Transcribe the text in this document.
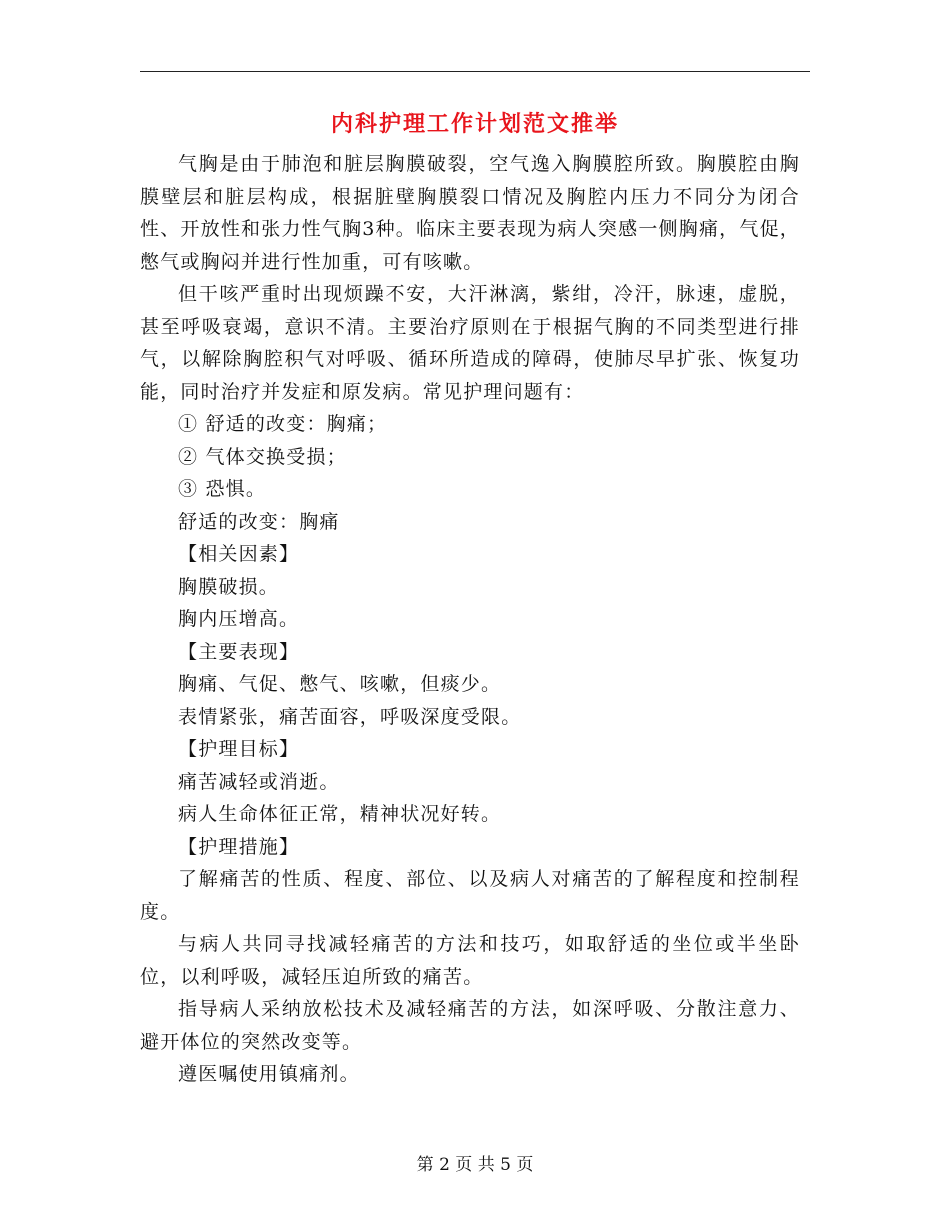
内科护理工作计划范文推举

气胸是由于肺泡和脏层胸膜破裂，空气逸入胸膜腔所致。胸膜腔由胸膜壁层和脏层构成，根据脏壁胸膜裂口情况及胸腔内压力不同分为闭合性、开放性和张力性气胸3种。临床主要表现为病人突感一侧胸痛，气促，憋气或胸闷并进行性加重，可有咳嗽。

但干咳严重时出现烦躁不安，大汗淋漓，紫绀，冷汗，脉速，虚脱，甚至呼吸衰竭，意识不清。主要治疗原则在于根据气胸的不同类型进行排气，以解除胸腔积气对呼吸、循环所造成的障碍，使肺尽早扩张、恢复功能，同时治疗并发症和原发病。常见护理问题有：

① 舒适的改变：胸痛；

② 气体交换受损；

③ 恐惧。

舒适的改变：胸痛

【相关因素】

胸膜破损。

胸内压增高。

【主要表现】

胸痛、气促、憋气、咳嗽，但痰少。

表情紧张，痛苦面容，呼吸深度受限。

【护理目标】

痛苦减轻或消逝。

病人生命体征正常，精神状况好转。

【护理措施】

了解痛苦的性质、程度、部位、以及病人对痛苦的了解程度和控制程度。

与病人共同寻找减轻痛苦的方法和技巧，如取舒适的坐位或半坐卧位，以利呼吸，减轻压迫所致的痛苦。

指导病人采纳放松技术及减轻痛苦的方法，如深呼吸、分散注意力、避开体位的突然改变等。

遵医嘱使用镇痛剂。

第 2 页 共 5 页
